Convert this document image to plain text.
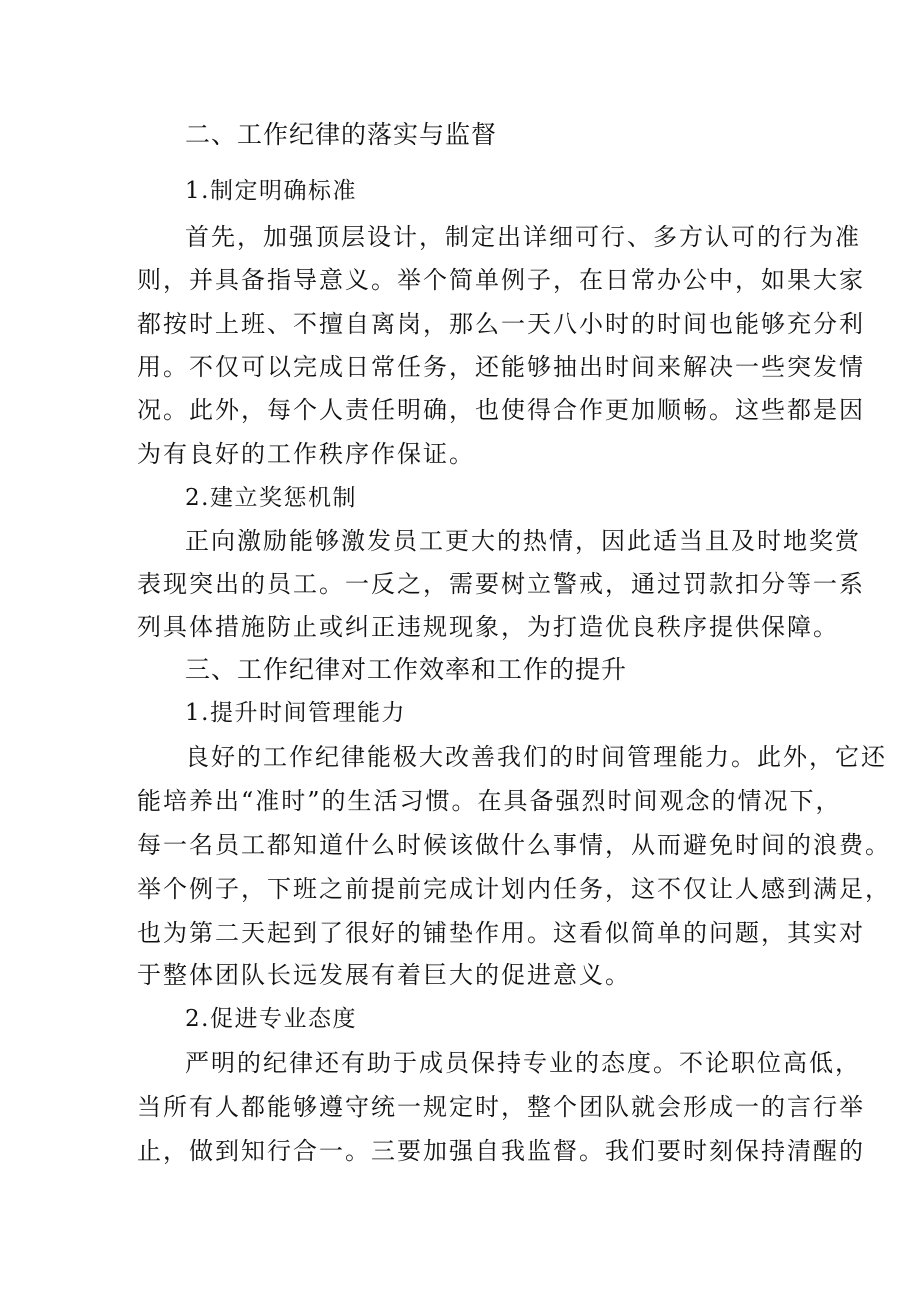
二、工作纪律的落实与监督
1.制定明确标准
首先，加强顶层设计，制定出详细可行、多方认可的行为准
则，并具备指导意义。举个简单例子，在日常办公中，如果大家
都按时上班、不擅自离岗，那么一天八小时的时间也能够充分利
用。不仅可以完成日常任务，还能够抽出时间来解决一些突发情
况。此外，每个人责任明确，也使得合作更加顺畅。这些都是因
为有良好的工作秩序作保证。
2.建立奖惩机制
正向激励能够激发员工更大的热情，因此适当且及时地奖赏
表现突出的员工。一反之，需要树立警戒，通过罚款扣分等一系
列具体措施防止或纠正违规现象，为打造优良秩序提供保障。
三、工作纪律对工作效率和工作的提升
1.提升时间管理能力
良好的工作纪律能极大改善我们的时间管理能力。此外，它还
能培养出“准时”的生活习惯。在具备强烈时间观念的情况下，
每一名员工都知道什么时候该做什么事情，从而避免时间的浪费。
举个例子，下班之前提前完成计划内任务，这不仅让人感到满足，
也为第二天起到了很好的铺垫作用。这看似简单的问题，其实对
于整体团队长远发展有着巨大的促进意义。
2.促进专业态度
严明的纪律还有助于成员保持专业的态度。不论职位高低，
当所有人都能够遵守统一规定时，整个团队就会形成一的言行举
止，做到知行合一。三要加强自我监督。我们要时刻保持清醒的
